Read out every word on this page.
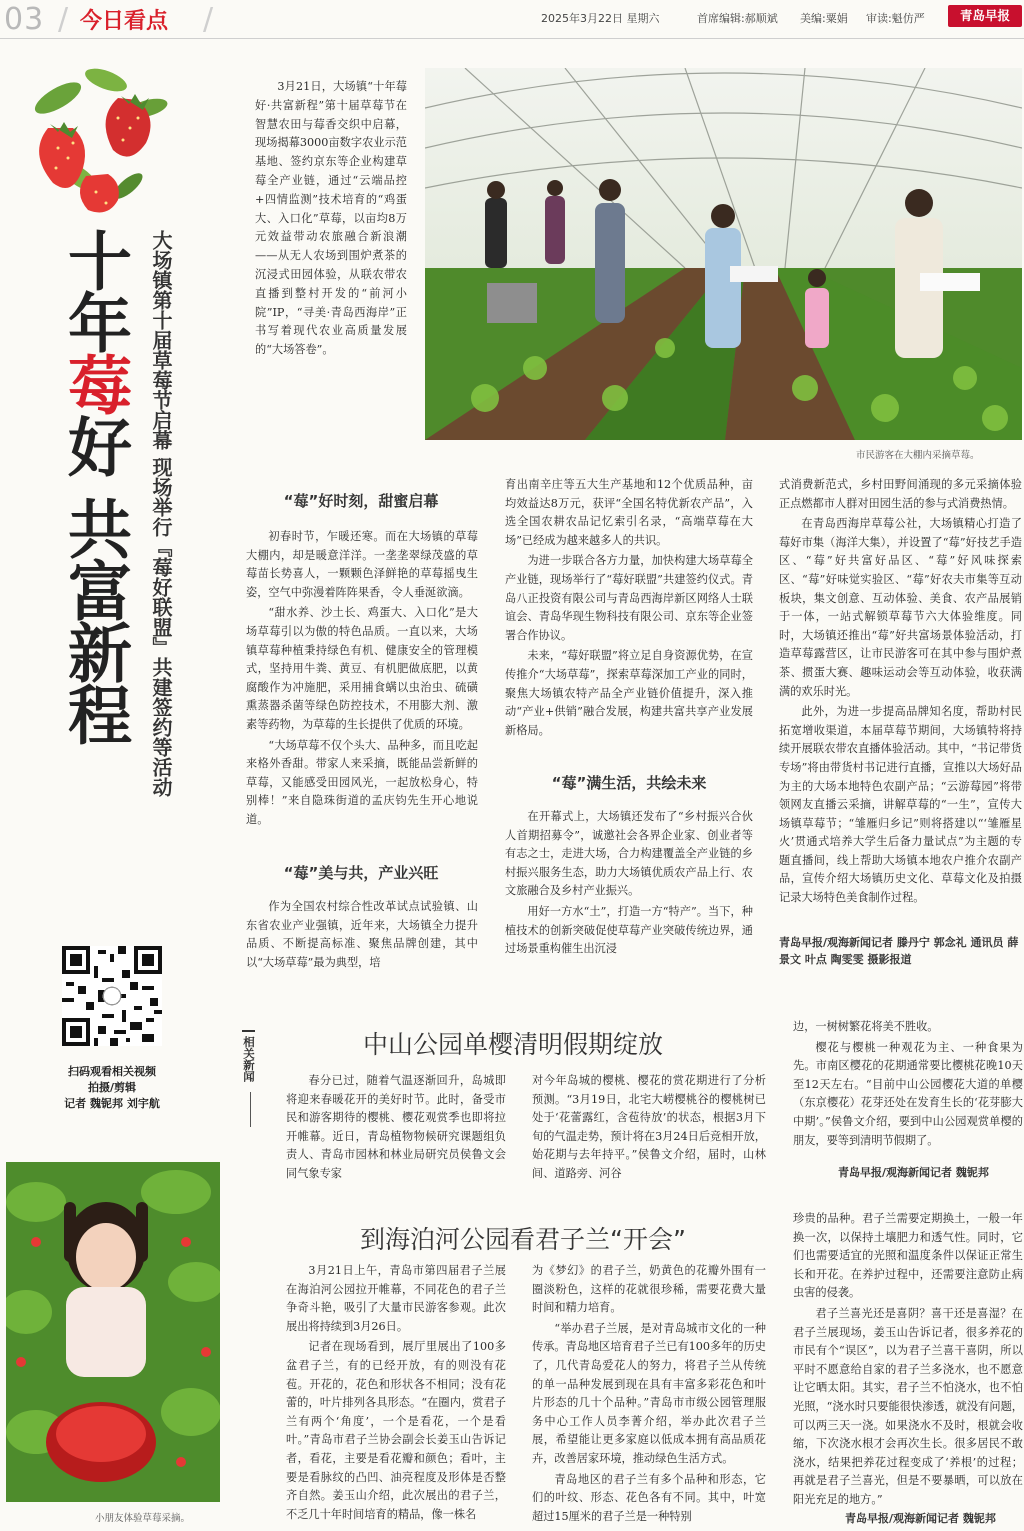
03 / 今日看点 /	2025年3月22日 星期六	首席编辑:郝顺斌 美编:粟娟 审读:魁仿严	青岛早报
十年莓好 共富新程 大场镇第十届草莓节启幕 现场举行『莓好联盟』共建签约等活动
3月21日，大场镇“十年莓好·共富新程”第十届草莓节在智慧农田与莓香交织中启幕，现场揭幕3000亩数字农业示范基地、签约京东等企业构建草莓全产业链，通过“云端品控+四情监测”技术培育的“鸡蛋大、入口化”草莓，以亩均8万元效益带动农旅融合新浪潮——从无人农场到围炉煮茶的沉浸式田园体验，从联农带农直播到整村开发的“前河小院”IP，“寻美·青岛西海岸”正书写着现代农业高质量发展的“大场答卷”。
市民游客在大棚内采摘草莓。
“莓”好时刻，甜蜜启幕

初春时节，乍暖还寒。而在大场镇的草莓大棚内，却是暖意洋洋。一垄垄翠绿茂盛的草莓苗长势喜人，一颗颗色泽鲜艳的草莓摇曳生姿，空气中弥漫着阵阵果香，令人垂涎欲滴。

“甜水养、沙土长、鸡蛋大、入口化”是大场草莓引以为傲的特色品质。一直以来，大场镇草莓种植秉持绿色有机、健康安全的管理模式，坚持用牛粪、黄豆、有机肥做底肥，以黄腐酸作为冲施肥，采用捕食螨以虫治虫、硫磺熏蒸器杀菌等绿色防控技术，不用膨大剂、激素等药物，为草莓的生长提供了优质的环境。

“大场草莓不仅个头大、品种多，而且吃起来格外香甜。带家人来采摘，既能品尝新鲜的草莓，又能感受田园风光，一起放松身心，特别棒！”来自隐珠街道的孟庆钧先生开心地说道。

“莓”美与共，产业兴旺

作为全国农村综合性改革试点试验镇、山东省农业产业强镇，近年来，大场镇全力提升品质、不断提高标准、聚焦品牌创建，其中以“大场草莓”最为典型，培

育出南辛庄等五大生产基地和12个优质品种，亩均效益达8万元，获评“全国名特优新农产品”，入选全国农耕农品记忆索引名录，“高端草莓在大场”已经成为越来越多人的共识。

为进一步联合各方力量，加快构建大场草莓全产业链，现场举行了“莓好联盟”共建签约仪式。青岛八正投资有限公司与青岛西海岸新区网络人士联谊会、青岛华现生物科技有限公司、京东等企业签署合作协议。

未来，“莓好联盟”将立足自身资源优势，在宣传推介“大场草莓”，探索草莓深加工产业的同时，聚焦大场镇农特产品全产业链价值提升，深入推动“产业+供销”融合发展，构建共富共享产业发展新格局。

“莓”满生活，共绘未来

在开幕式上，大场镇还发布了“乡村振兴合伙人首期招募令”，诚邀社会各界企业家、创业者等有志之士，走进大场，合力构建覆盖全产业链的乡村振兴服务生态，助力大场镇优质农产品上行、农文旅融合及乡村产业振兴。

用好一方水“土”，打造一方“特产”。当下，种植技术的创新突破促使草莓产业突破传统边界，通过场景重构催生出沉浸

式消费新范式，乡村田野间涌现的多元采摘体验正点燃都市人群对田园生活的参与式消费热情。

在青岛西海岸草莓公社，大场镇精心打造了莓好市集（海洋大集），并设置了“莓”好技艺手造区、“莓”好共富好品区、“莓”好风味探索区、“莓”好味觉实验区、“莓”好农夫市集等互动板块，集文创意、互动体验、美食、农产品展销于一体，一站式解锁草莓节六大体验维度。同时，大场镇还推出“莓”好共富场景体验活动，打造草莓露营区，让市民游客可在其中参与围炉煮茶、掼蛋大赛、趣味运动会等互动体验，收获满满的欢乐时光。

此外，为进一步提高品牌知名度，帮助村民拓宽增收渠道，本届草莓节期间，大场镇特将持续开展联农带农直播体验活动。其中，“书记带货专场”将由带货村书记进行直播，宣推以大场好品为主的大场本地特色农副产品；“云游莓园”将带领网友直播云采摘，讲解草莓的“一生”，宣传大场镇草莓节；“雏雁归乡记”则将搭建以“‘雏雁星火’贯通式培养大学生后备力量试点”为主题的专题直播间，线上帮助大场镇本地农户推介农副产品，宣传介绍大场镇历史文化、草莓文化及拍摄记录大场特色美食制作过程。

青岛早报/观海新闻记者 滕丹宁 郭念礼 通讯员 薛景文 叶点 陶雯雯 摄影报道
扫码观看相关视频
拍摄/剪辑
记者 魏铌邦 刘宇航
小朋友体验草莓采摘。
相关新闻	中山公园单樱清明假期绽放

春分已过，随着气温逐渐回升，岛城即将迎来春暖花开的美好时节。此时，备受市民和游客期待的樱桃、樱花观赏季也即将拉开帷幕。近日，青岛植物物候研究课题组负责人、青岛市园林和林业局研究员侯鲁文会同气象专家

对今年岛城的樱桃、樱花的赏花期进行了分析预测。“3月19日，北宅大崂樱桃谷的樱桃树已处于‘花蕾露红，含苞待放’的状态，根据3月下旬的气温走势，预计将在3月24日后竞相开放，始花期与去年持平。”侯鲁文介绍，届时，山林间、道路旁、河谷

边，一树树繁花将美不胜收。

樱花与樱桃一种观花为主、一种食果为先。市南区樱花的花期通常要比樱桃花晚10天至12天左右。“目前中山公园樱花大道的单樱（东京樱花）花芽还处在发育生长的‘花芽膨大中期’。”侯鲁文介绍，要到中山公园观赏单樱的朋友，要等到清明节假期了。

青岛早报/观海新闻记者 魏铌邦
到海泊河公园看君子兰“开会”

3月21日上午，青岛市第四届君子兰展在海泊河公园拉开帷幕，不同花色的君子兰争奇斗艳，吸引了大量市民游客参观。此次展出将持续到3月26日。

记者在现场看到，展厅里展出了100多盆君子兰，有的已经开放，有的则没有花苞。开花的，花色和形状各不相同；没有花蕾的，叶片排列各具形态。“在圈内，赏君子兰有两个‘角度’，一个是看花，一个是看叶。”青岛市君子兰协会副会长姜玉山告诉记者，看花，主要是看花瓣和颜色；看叶，主要是看脉纹的凸凹、油亮程度及形体是否整齐自然。姜玉山介绍，此次展出的君子兰，不乏几十年时间培育的精品，像一株名

为《梦幻》的君子兰，奶黄色的花瓣外围有一圈淡粉色，这样的花就很珍稀，需要花费大量时间和精力培育。

“举办君子兰展，是对青岛城市文化的一种传承。青岛地区培育君子兰已有100多年的历史了，几代青岛爱花人的努力，将君子兰从传统的单一品种发展到现在具有丰富多彩花色和叶片形态的几十个品种。”青岛市市级公园管理服务中心工作人员李菁介绍，举办此次君子兰展，希望能让更多家庭以低成本拥有高品质花卉，改善居家环境，推动绿色生活方式。

青岛地区的君子兰有多个品种和形态，它们的叶纹、形态、花色各有不同。其中，叶宽超过15厘米的君子兰是一种特别

珍贵的品种。君子兰需要定期换土，一般一年换一次，以保持土壤肥力和透气性。同时，它们也需要适宜的光照和温度条件以保证正常生长和开花。在养护过程中，还需要注意防止病虫害的侵袭。

君子兰喜光还是喜阴？喜干还是喜湿？在君子兰展现场，姜玉山告诉记者，很多养花的市民有个“误区”，以为君子兰喜干喜阴，所以平时不愿意给自家的君子兰多浇水，也不愿意让它晒太阳。其实，君子兰不怕浇水，也不怕光照，“浇水时只要能很快渗透，就没有问题，可以两三天一浇。如果浇水不及时，根就会收缩，下次浇水根才会再次生长。很多居民不敢浇水，结果把养花过程变成了‘养根’的过程；再就是君子兰喜光，但是不要暴晒，可以放在阳光充足的地方。”

青岛早报/观海新闻记者 魏铌邦
